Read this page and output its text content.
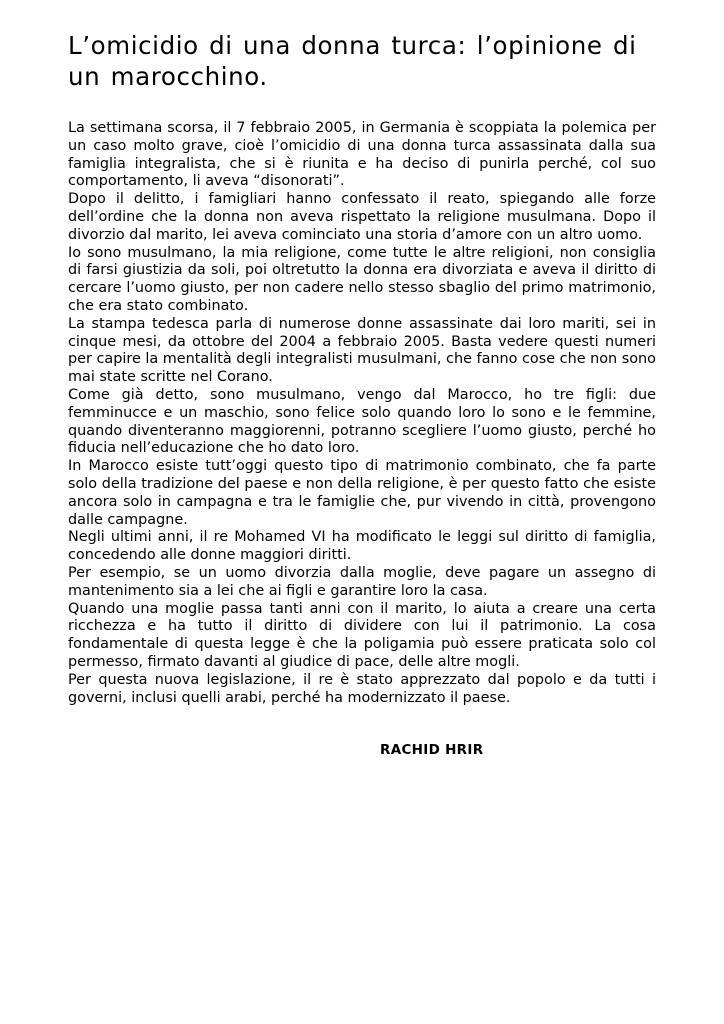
L’omicidio di una donna turca: l’opinione di un marocchino.

La settimana scorsa, il 7 febbraio 2005, in Germania è scoppiata la polemica per un caso molto grave, cioè l’omicidio di una donna turca assassinata dalla sua famiglia integralista, che si è riunita e ha deciso di punirla perché, col suo comportamento, li aveva “disonorati”.

Dopo il delitto, i famigliari hanno confessato il reato, spiegando alle forze dell’ordine che la donna non aveva rispettato la religione musulmana. Dopo il divorzio dal marito, lei aveva cominciato una storia d’amore con un altro uomo.

Io sono musulmano, la mia religione, come tutte le altre religioni, non consiglia di farsi giustizia da soli, poi oltretutto la donna era divorziata e aveva il diritto di cercare l’uomo giusto, per non cadere nello stesso sbaglio del primo matrimonio, che era stato combinato.

La stampa tedesca parla di numerose donne assassinate dai loro mariti, sei in cinque mesi, da ottobre del 2004 a febbraio 2005. Basta vedere questi numeri per capire la mentalità degli integralisti musulmani, che fanno cose che non sono mai state scritte nel Corano.

Come già detto, sono musulmano, vengo dal Marocco, ho tre figli: due femminucce e un maschio, sono felice solo quando loro lo sono e le femmine, quando diventeranno maggiorenni, potranno scegliere l’uomo giusto, perché ho fiducia nell’educazione che ho dato loro.

In Marocco esiste tutt’oggi questo tipo di matrimonio combinato, che fa parte solo della tradizione del paese e non della religione, è per questo fatto che esiste ancora solo in campagna e tra le famiglie che, pur vivendo in città, provengono dalle campagne.

Negli ultimi anni, il re Mohamed VI ha modificato le leggi sul diritto di famiglia, concedendo alle donne maggiori diritti.

Per esempio, se un uomo divorzia dalla moglie, deve pagare un assegno di mantenimento sia a lei che ai figli e garantire loro la casa.

Quando una moglie passa tanti anni con il marito, lo aiuta a creare una certa ricchezza e ha tutto il diritto di dividere con lui il patrimonio. La cosa fondamentale di questa legge è che la poligamia può essere praticata solo col permesso, firmato davanti al giudice di pace, delle altre mogli.

Per questa nuova legislazione, il re è stato apprezzato dal popolo e da tutti i governi, inclusi quelli arabi, perché ha modernizzato il paese.

RACHID HRIR
